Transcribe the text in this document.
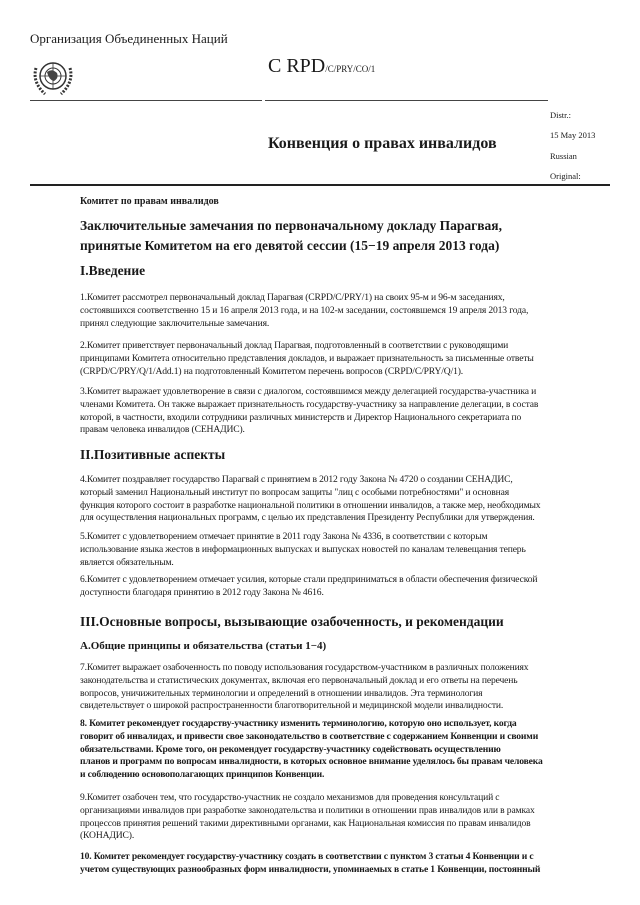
Организация Объединенных Наций
C RPD/C/PRY/CO/1
Distr.:
15 May 2013
Russian
Original:
Конвенция о правах инвалидов
Комитет по правам инвалидов
Заключительные замечания по первоначальному докладу Парагвая,
принятые Комитетом на его девятой сессии (15−19 апреля 2013 года)
I.Введение
1.Комитет рассмотрел первоначальный доклад Парагвая (CRPD/C/PRY/1) на своих 95-м и 96-м заседаниях,
состоявшихся соответственно 15 и 16 апреля 2013 года, и на 102-м заседании, состоявшемся 19 апреля 2013 года,
принял следующие заключительные замечания.
2.Комитет приветствует первоначальный доклад Парагвая, подготовленный в соответствии с руководящими
принципами Комитета относительно представления докладов, и выражает признательность за письменные ответы
(CRPD/C/PRY/Q/1/Add.1) на подготовленный Комитетом перечень вопросов (CRPD/C/PRY/Q/1).
3.Комитет выражает удовлетворение в связи с диалогом, состоявшимся между делегацией государства-участника и
членами Комитета. Он также выражает признательность государству-участнику за направление делегации, в состав
которой, в частности, входили сотрудники различных министерств и Директор Национального секретариата по
правам человека инвалидов (СЕНАДИС).
II.Позитивные аспекты
4.Комитет поздравляет государство Парагвай с принятием в 2012 году Закона № 4720 о создании СЕНАДИС,
который заменил Национальный институт по вопросам защиты "лиц с особыми потребностями" и основная
функция которого состоит в разработке национальной политики в отношении инвалидов, а также мер, необходимых
для осуществления национальных программ, с целью их представления Президенту Республики для утверждения.
5.Комитет с удовлетворением отмечает принятие в 2011 году Закона № 4336, в соответствии с которым
использование языка жестов в информационных выпусках и выпусках новостей по каналам телевещания теперь
является обязательным.
6.Комитет с удовлетворением отмечает усилия, которые стали предприниматься в области обеспечения физической
доступности благодаря принятию в 2012 году Закона № 4616.
III.Основные вопросы, вызывающие озабоченность, и рекомендации
A.Общие принципы и обязательства (статьи 1−4)
7.Комитет выражает озабоченность по поводу использования государством-участником в различных положениях
законодательства и статистических документах, включая его первоначальный доклад и его ответы на перечень
вопросов, уничижительных терминологии и определений в отношении инвалидов. Эта терминология
свидетельствует о широкой распространенности благотворительной и медицинской модели инвалидности.
8. Комитет рекомендует государству-участнику изменить терминологию, которую оно использует, когда
говорит об инвалидах, и привести свое законодательство в соответствие с содержанием Конвенции и своими
обязательствами. Кроме того, он рекомендует государству-участнику содействовать осуществлению
планов и программ по вопросам инвалидности, в которых основное внимание уделялось бы правам человека
и соблюдению основополагающих принципов Конвенции.
9.Комитет озабочен тем, что государство-участник не создало механизмов для проведения консультаций с
организациями инвалидов при разработке законодательства и политики в отношении прав инвалидов или в рамках
процессов принятия решений такими директивными органами, как Национальная комиссия по правам инвалидов
(КОНАДИС).
10. Комитет рекомендует государству-участнику создать в соответствии с пунктом 3 статьи 4 Конвенции и с
учетом существующих разнообразных форм инвалидности, упоминаемых в статье 1 Конвенции, постоянный
